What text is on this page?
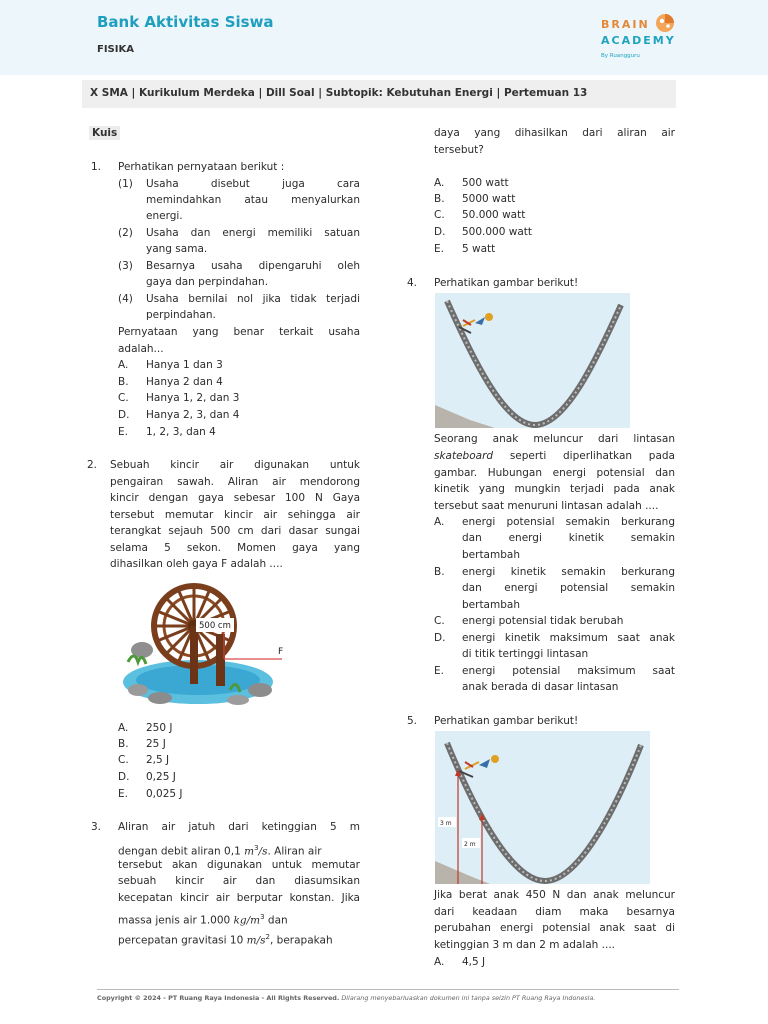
Bank Aktivitas Siswa
FISIKA
BRAIN
ACADEMY
By Ruangguru
X SMA | Kurikulum Merdeka | Dill Soal | Subtopik: Kebutuhan Energi | Pertemuan 13
Kuis
1. Perhatikan pernyataan berikut :
(1) Usaha disebut juga cara
memindahkan atau menyalurkan
energi.
(2) Usaha dan energi memiliki satuan
yang sama.
(3) Besarnya usaha dipengaruhi oleh
gaya dan perpindahan.
(4) Usaha bernilai nol jika tidak terjadi
perpindahan.
Pernyataan yang benar terkait usaha
adalah...
A. Hanya 1 dan 3
B. Hanya 2 dan 4
C. Hanya 1, 2, dan 3
D. Hanya 2, 3, dan 4
E. 1, 2, 3, dan 4
2. Sebuah kincir air digunakan untuk
pengairan sawah. Aliran air mendorong
kincir dengan gaya sebesar 100 N Gaya
tersebut memutar kincir air sehingga air
terangkat sejauh 500 cm dari dasar sungai
selama 5 sekon. Momen gaya yang
dihasilkan oleh gaya F adalah ....
500 cm
F
A. 250 J
B. 25 J
C. 2,5 J
D. 0,25 J
E. 0,025 J
3. Aliran air jatuh dari ketinggian 5 m
dengan debit aliran 0,1 $m^3/s$. Aliran air
tersebut akan digunakan untuk memutar
sebuah kincir air dan diasumsikan
kecepatan kincir air berputar konstan. Jika
massa jenis air 1.000 $kg/m^3$ dan
percepatan gravitasi 10 $m/s^2$, berapakah
daya yang dihasilkan dari aliran air
tersebut?
A. 500 watt
B. 5000 watt
C. 50.000 watt
D. 500.000 watt
E. 5 watt
4. Perhatikan gambar berikut!
Seorang anak meluncur dari lintasan
skateboard seperti diperlihatkan pada
gambar. Hubungan energi potensial dan
kinetik yang mungkin terjadi pada anak
tersebut saat menuruni lintasan adalah ....
A. energi potensial semakin berkurang
dan energi kinetik semakin
bertambah
B. energi kinetik semakin berkurang
dan energi potensial semakin
bertambah
C. energi potensial tidak berubah
D. energi kinetik maksimum saat anak
di titik tertinggi lintasan
E. energi potensial maksimum saat
anak berada di dasar lintasan
5. Perhatikan gambar berikut!
3 m
2 m
Jika berat anak 450 N dan anak meluncur
dari keadaan diam maka besarnya
perubahan energi potensial anak saat di
ketinggian 3 m dan 2 m adalah ....
A. 4,5 J
Copyright © 2024 - PT Ruang Raya Indonesia - All Rights Reserved. Dilarang menyebarluaskan dokumen ini tanpa seizin PT Ruang Raya Indonesia.
